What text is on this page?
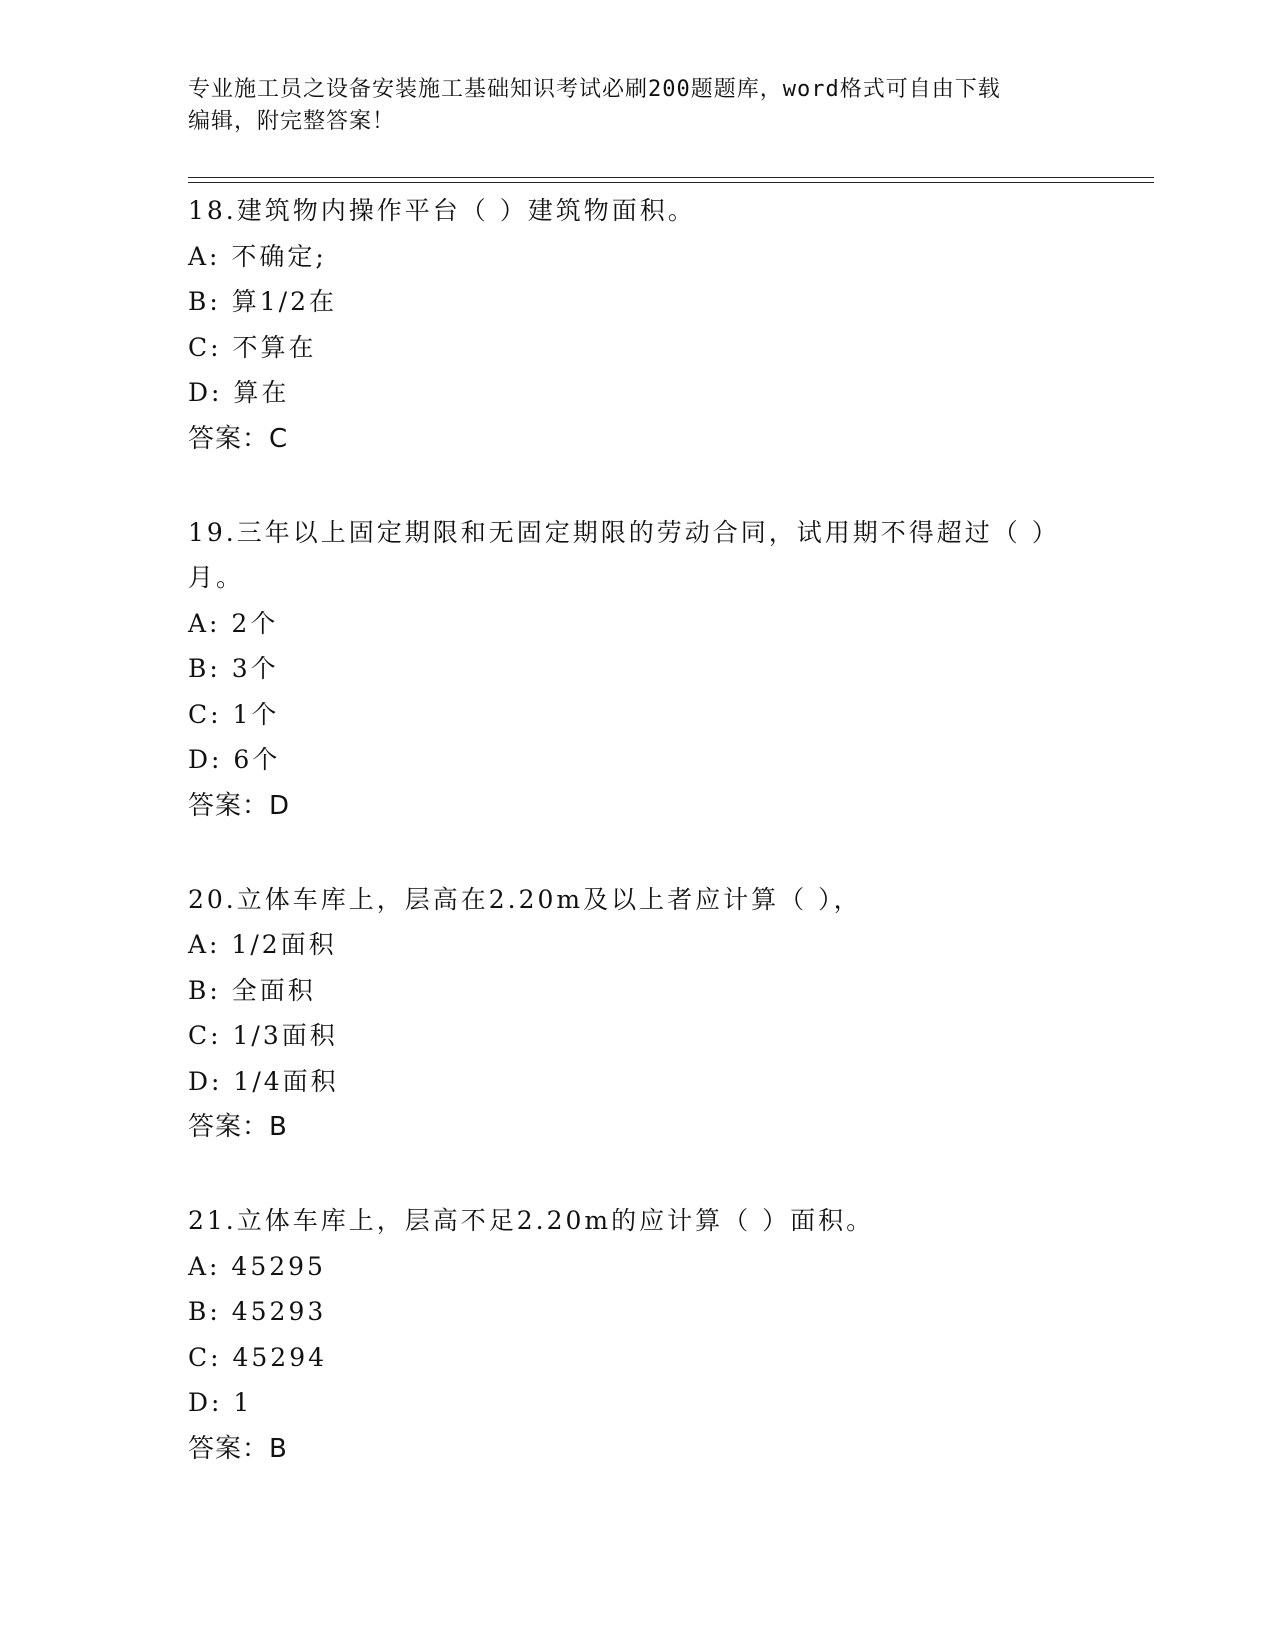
专业施工员之设备安装施工基础知识考试必刷200题题库，word格式可自由下载
编辑，附完整答案！
18.建筑物内操作平台（ ）建筑物面积。
A: 不确定;
B: 算1/2在
C: 不算在
D: 算在
答案：C
19.三年以上固定期限和无固定期限的劳动合同，试用期不得超过（ ）月。
A: 2个
B: 3个
C: 1个
D: 6个
答案：D
20.立体车库上，层高在2.20m及以上者应计算（ ），
A: 1/2面积
B: 全面积
C: 1/3面积
D: 1/4面积
答案：B
21.立体车库上，层高不足2.20m的应计算（ ）面积。
A: 45295
B: 45293
C: 45294
D: 1
答案：B
